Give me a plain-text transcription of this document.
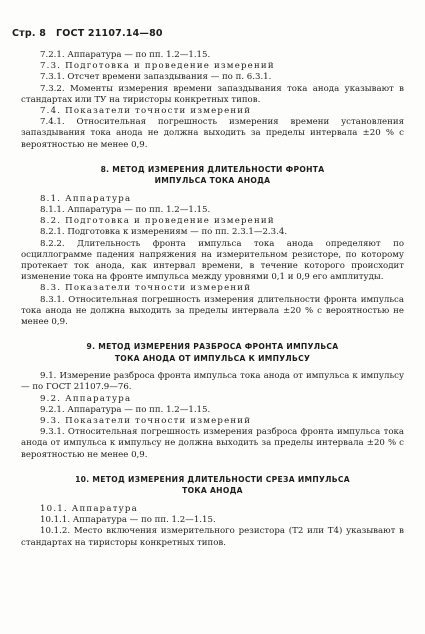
Стр. 8 ГОСТ 21107.14—80

7.2.1. Аппаратура — по пп. 1.2—1.15.

7.3. Подготовка и проведение измерений

7.3.1. Отсчет времени запаздывания — по п. 6.3.1.

7.3.2. Моменты измерения времени запаздывания тока анода указывают в стандартах или ТУ на тиристоры конкретных типов.

7.4. Показатели точности измерений

7.4.1. Относительная погрешность измерения времени установления запаздывания тока анода не должна выходить за пределы интервала ±20 % с вероятностью не менее 0,9.

8. МЕТОД ИЗМЕРЕНИЯ ДЛИТЕЛЬНОСТИ ФРОНТА
ИМПУЛЬСА ТОКА АНОДА

8.1. Аппаратура

8.1.1. Аппаратура — по пп. 1.2—1.15.

8.2. Подготовка и проведение измерений

8.2.1. Подготовка к измерениям — по пп. 2.3.1—2.3.4.

8.2.2. Длительность фронта импульса тока анода определяют по осциллограмме падения напряжения на измерительном резисторе, по которому протекает ток анода, как интервал времени, в течение которого происходит изменение тока на фронте импульса между уровнями 0,1 и 0,9 его амплитуды.

8.3. Показатели точности измерений

8.3.1. Относительная погрешность измерения длительности фронта импульса тока анода не должна выходить за пределы интервала ±20 % с вероятностью не менее 0,9.

9. МЕТОД ИЗМЕРЕНИЯ РАЗБРОСА ФРОНТА ИМПУЛЬСА
ТОКА АНОДА ОТ ИМПУЛЬСА К ИМПУЛЬСУ

9.1. Измерение разброса фронта импульса тока анода от импульса к импульсу — по ГОСТ 21107.9—76.

9.2. Аппаратура

9.2.1. Аппаратура — по пп. 1.2—1.15.

9.3. Показатели точности измерений

9.3.1. Относительная погрешность измерения разброса фронта импульса тока анода от импульса к импульсу не должна выходить за пределы интервала ±20 % с вероятностью не менее 0,9.

10. МЕТОД ИЗМЕРЕНИЯ ДЛИТЕЛЬНОСТИ СРЕЗА ИМПУЛЬСА
ТОКА АНОДА

10.1. Аппаратура

10.1.1. Аппаратура — по пп. 1.2—1.15.

10.1.2. Место включения измерительного резистора (Т2 или Т4) указывают в стандартах на тиристоры конкретных типов.
